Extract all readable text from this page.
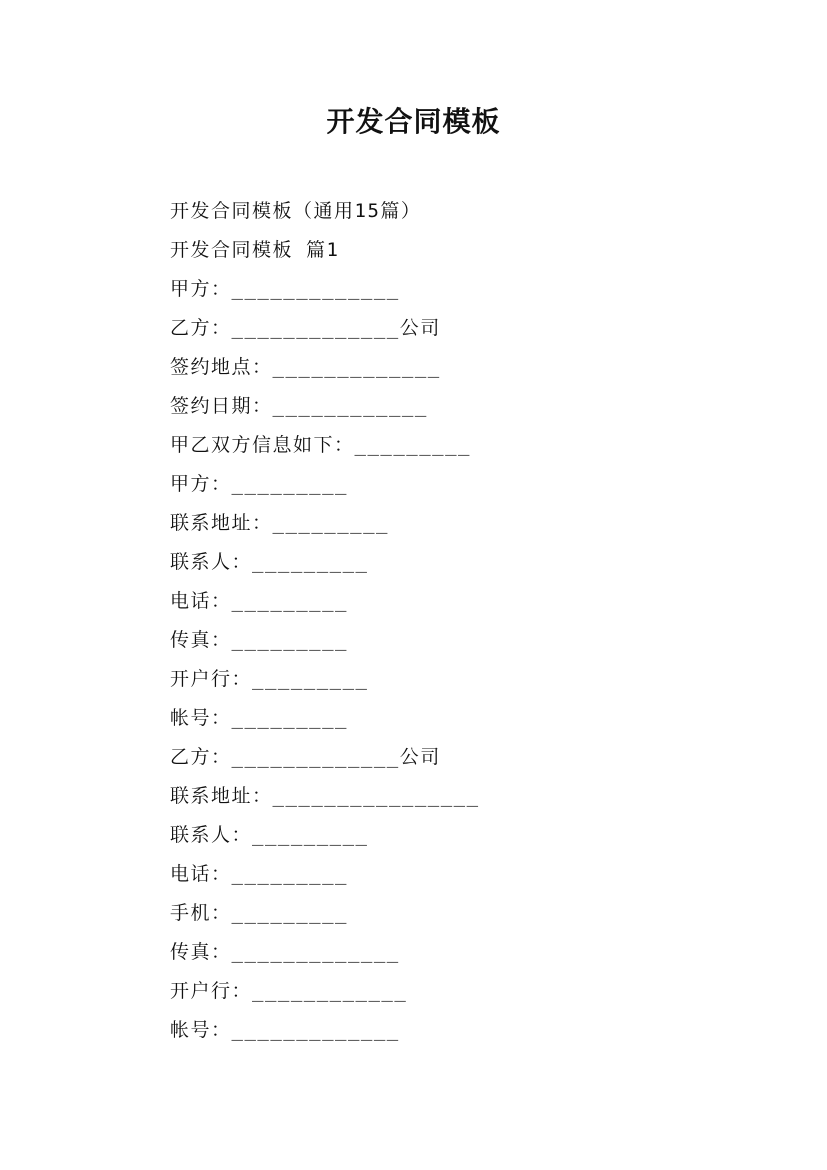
开发合同模板
开发合同模板（通用15篇）
开发合同模板 篇1
甲方：_____________
乙方：_____________公司
签约地点：_____________
签约日期：____________
甲乙双方信息如下：_________
甲方：_________
联系地址：_________
联系人：_________
电话：_________
传真：_________
开户行：_________
帐号：_________
乙方：_____________公司
联系地址：________________
联系人：_________
电话：_________
手机：_________
传真：_____________
开户行：____________
帐号：_____________
